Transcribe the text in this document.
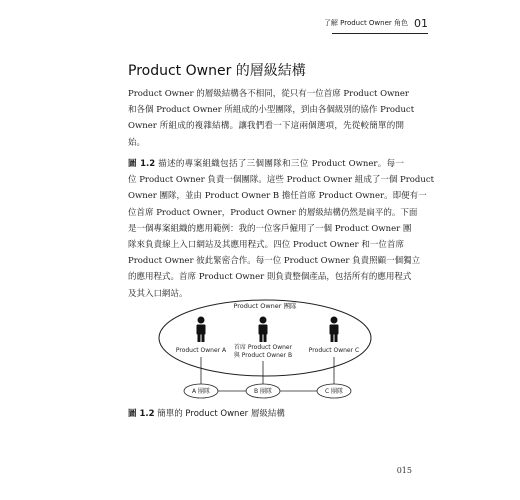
了解 Product Owner 角色 01
Product Owner 的層級結構

Product Owner 的層級結構各不相同，從只有一位首席 Product Owner
和各個 Product Owner 所組成的小型團隊，到由各個級別的協作 Product
Owner 所組成的複雜結構。讓我們看一下這兩個選項，先從較簡單的開
始。

圖 1.2 描述的專案組織包括了三個團隊和三位 Product Owner。每一
位 Product Owner 負責一個團隊。這些 Product Owner 組成了一個 Product
Owner 團隊，並由 Product Owner B 擔任首席 Product Owner。即便有一
位首席 Product Owner，Product Owner 的層級結構仍然是扁平的。下面
是一個專案組織的應用範例：我的一位客戶僱用了一個 Product Owner 團
隊來負責線上入口網站及其應用程式。四位 Product Owner 和一位首席
Product Owner 彼此緊密合作。每一位 Product Owner 負責照顧一個獨立
的應用程式。首席 Product Owner 則負責整個產品，包括所有的應用程式
及其入口網站。

Product Owner 團隊
Product Owner A 首席 Product Owner
與 Product Owner B
Product Owner C
A 團隊	B 團隊	C 團隊
圖 1.2 簡單的 Product Owner 層級結構
015
